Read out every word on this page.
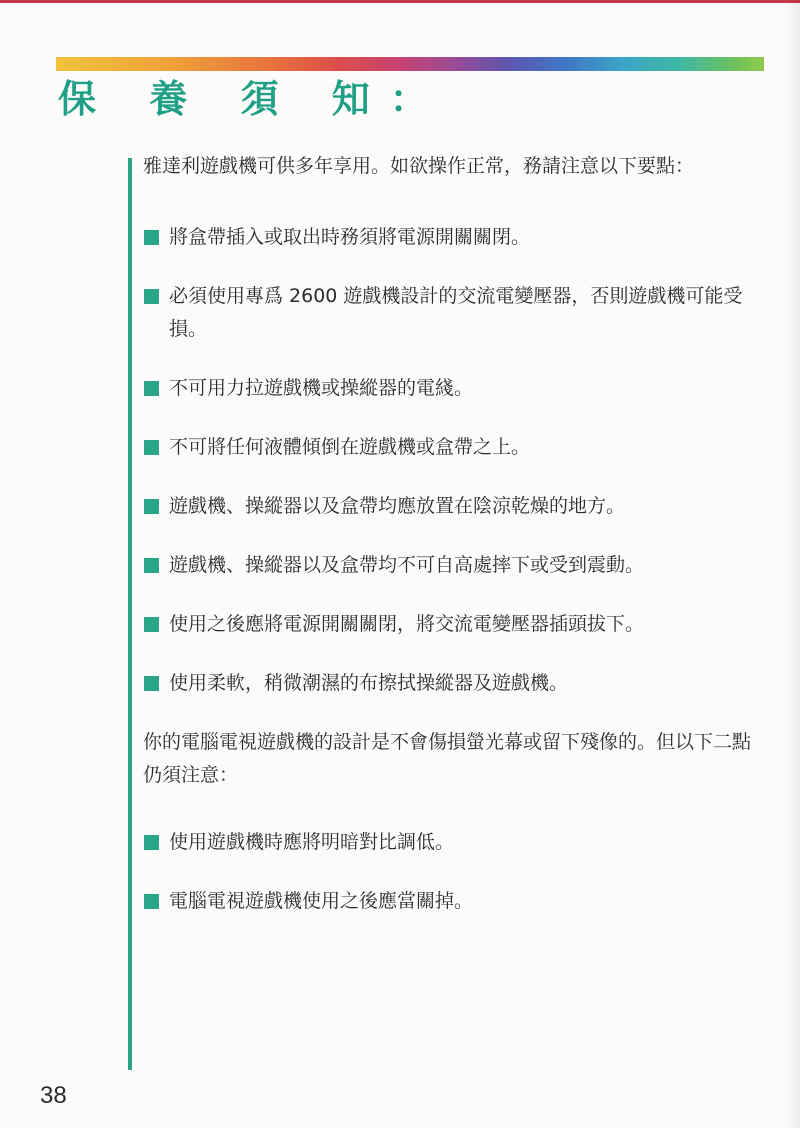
保 養 須 知：

雅達利遊戲機可供多年享用。如欲操作正常，務請注意以下要點：

將盒帶插入或取出時務須將電源開關關閉。
必須使用專爲 2600 遊戲機設計的交流電變壓器，否則遊戲機可能受損。
不可用力拉遊戲機或操縱器的電綫。
不可將任何液體傾倒在遊戲機或盒帶之上。
遊戲機、操縱器以及盒帶均應放置在陰涼乾燥的地方。
遊戲機、操縱器以及盒帶均不可自高處摔下或受到震動。
使用之後應將電源開關關閉，將交流電變壓器插頭拔下。
使用柔軟，稍微潮濕的布擦拭操縱器及遊戲機。

你的電腦電視遊戲機的設計是不會傷損螢光幕或留下殘像的。但以下二點仍須注意：

使用遊戲機時應將明暗對比調低。
電腦電視遊戲機使用之後應當關掉。
38
